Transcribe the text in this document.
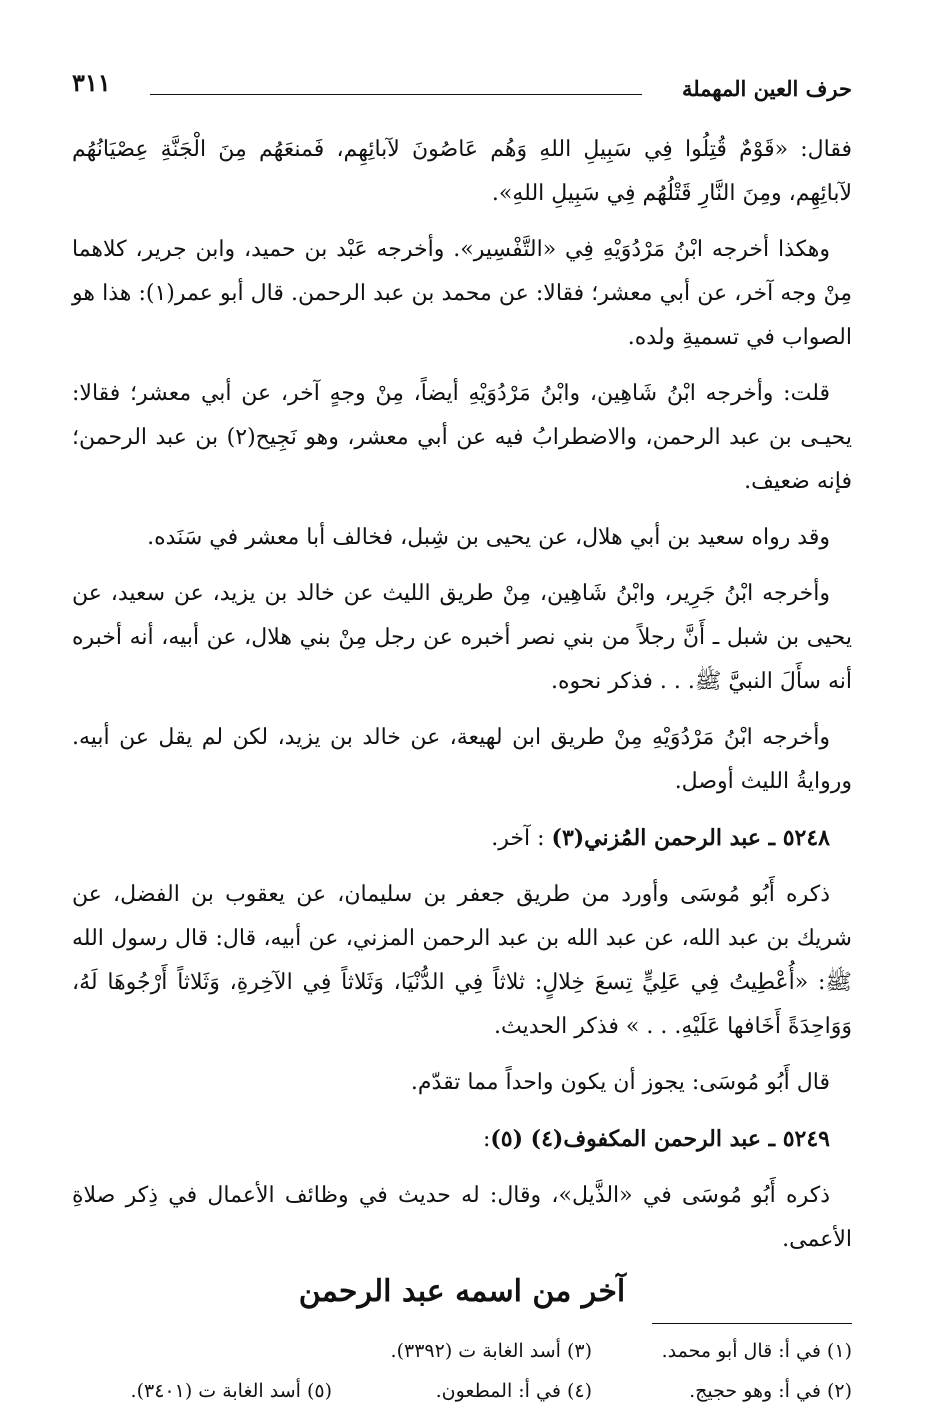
حرف العين المهملة
٣١١

فقال: «قَوْمٌ قُتِلُوا فِي سَبِيلِ اللهِ وَهُم عَاصُونَ لآبائِهِم، فَمنعَهُم مِنَ الْجَنَّةِ عِصْيَانُهُم لآبائِهِم، ومِنَ النَّارِ قَتْلُهُم فِي سَبِيلِ اللهِ».

وهكذا أخرجه ابْنُ مَرْدُوَيْهِ فِي «التَّفْسِير». وأخرجه عَبْد بن حميد، وابن جرير، كلاهما مِنْ وجه آخر، عن أبي معشر؛ فقالا: عن محمد بن عبد الرحمن. قال أبو عمر(١): هذا هو الصواب في تسميةِ ولده.

قلت: وأخرجه ابْنُ شَاهِين، وابْنُ مَرْدُوَيْهِ أيضاً، مِنْ وجهٍ آخر، عن أبي معشر؛ فقالا: يحيـى بن عبد الرحمن، والاضطرابُ فيه عن أبي معشر، وهو نَجِيح(٢) بن عبد الرحمن؛ فإنه ضعيف.

وقد رواه سعيد بن أبي هلال، عن يحيى بن شِبل، فخالف أبا معشر في سَنَده.

وأخرجه ابْنُ جَرِير، وابْنُ شَاهِين، مِنْ طريق الليث عن خالد بن يزيد، عن سعيد، عن يحيى بن شبل ـ أَنَّ رجلاً من بني نصر أخبره عن رجل مِنْ بني هلال، عن أبيه، أنه أخبره أنه سأَلَ النبيَّ ﷺ. . . فذكر نحوه.

وأخرجه ابْنُ مَرْدُوَيْهِ مِنْ طريق ابن لهيعة، عن خالد بن يزيد، لكن لم يقل عن أبيه. وروايةُ الليث أوصل.

٥٢٤٨ ـ عبد الرحمن المُزني(٣) : آخر.

ذكره أَبُو مُوسَى وأورد من طريق جعفر بن سليمان، عن يعقوب بن الفضل، عن شريك بن عبد الله، عن عبد الله بن عبد الرحمن المزني، عن أبيه، قال: قال رسول الله ﷺ: «أُعْطِيتُ فِي عَلِيٍّ تِسعَ خِلالٍ: ثلاثاً فِي الدُّنْيَا، وَثَلاثاً فِي الآخِرةِ، وَثَلاثاً أَرْجُوهَا لَهُ، وَوَاحِدَةً أَخَافها عَلَيْهِ. . . » فذكر الحديث.

قال أَبُو مُوسَى: يجوز أن يكون واحداً مما تقدّم.

٥٢٤٩ ـ عبد الرحمن المكفوف(٤) (٥):

ذكره أَبُو مُوسَى في «الذَّيل»، وقال: له حديث في وظائف الأعمال في ذِكر صلاةِ الأعمى.

آخر من اسمه عبد الرحمن
(١) في أ: قال أبو محمد.
(٣) أسد الغابة ت (٣٣٩٢).
(٢) في أ: وهو حجيج.
(٤) في أ: المطعون.
(٥) أسد الغابة ت (٣٤٠١).
